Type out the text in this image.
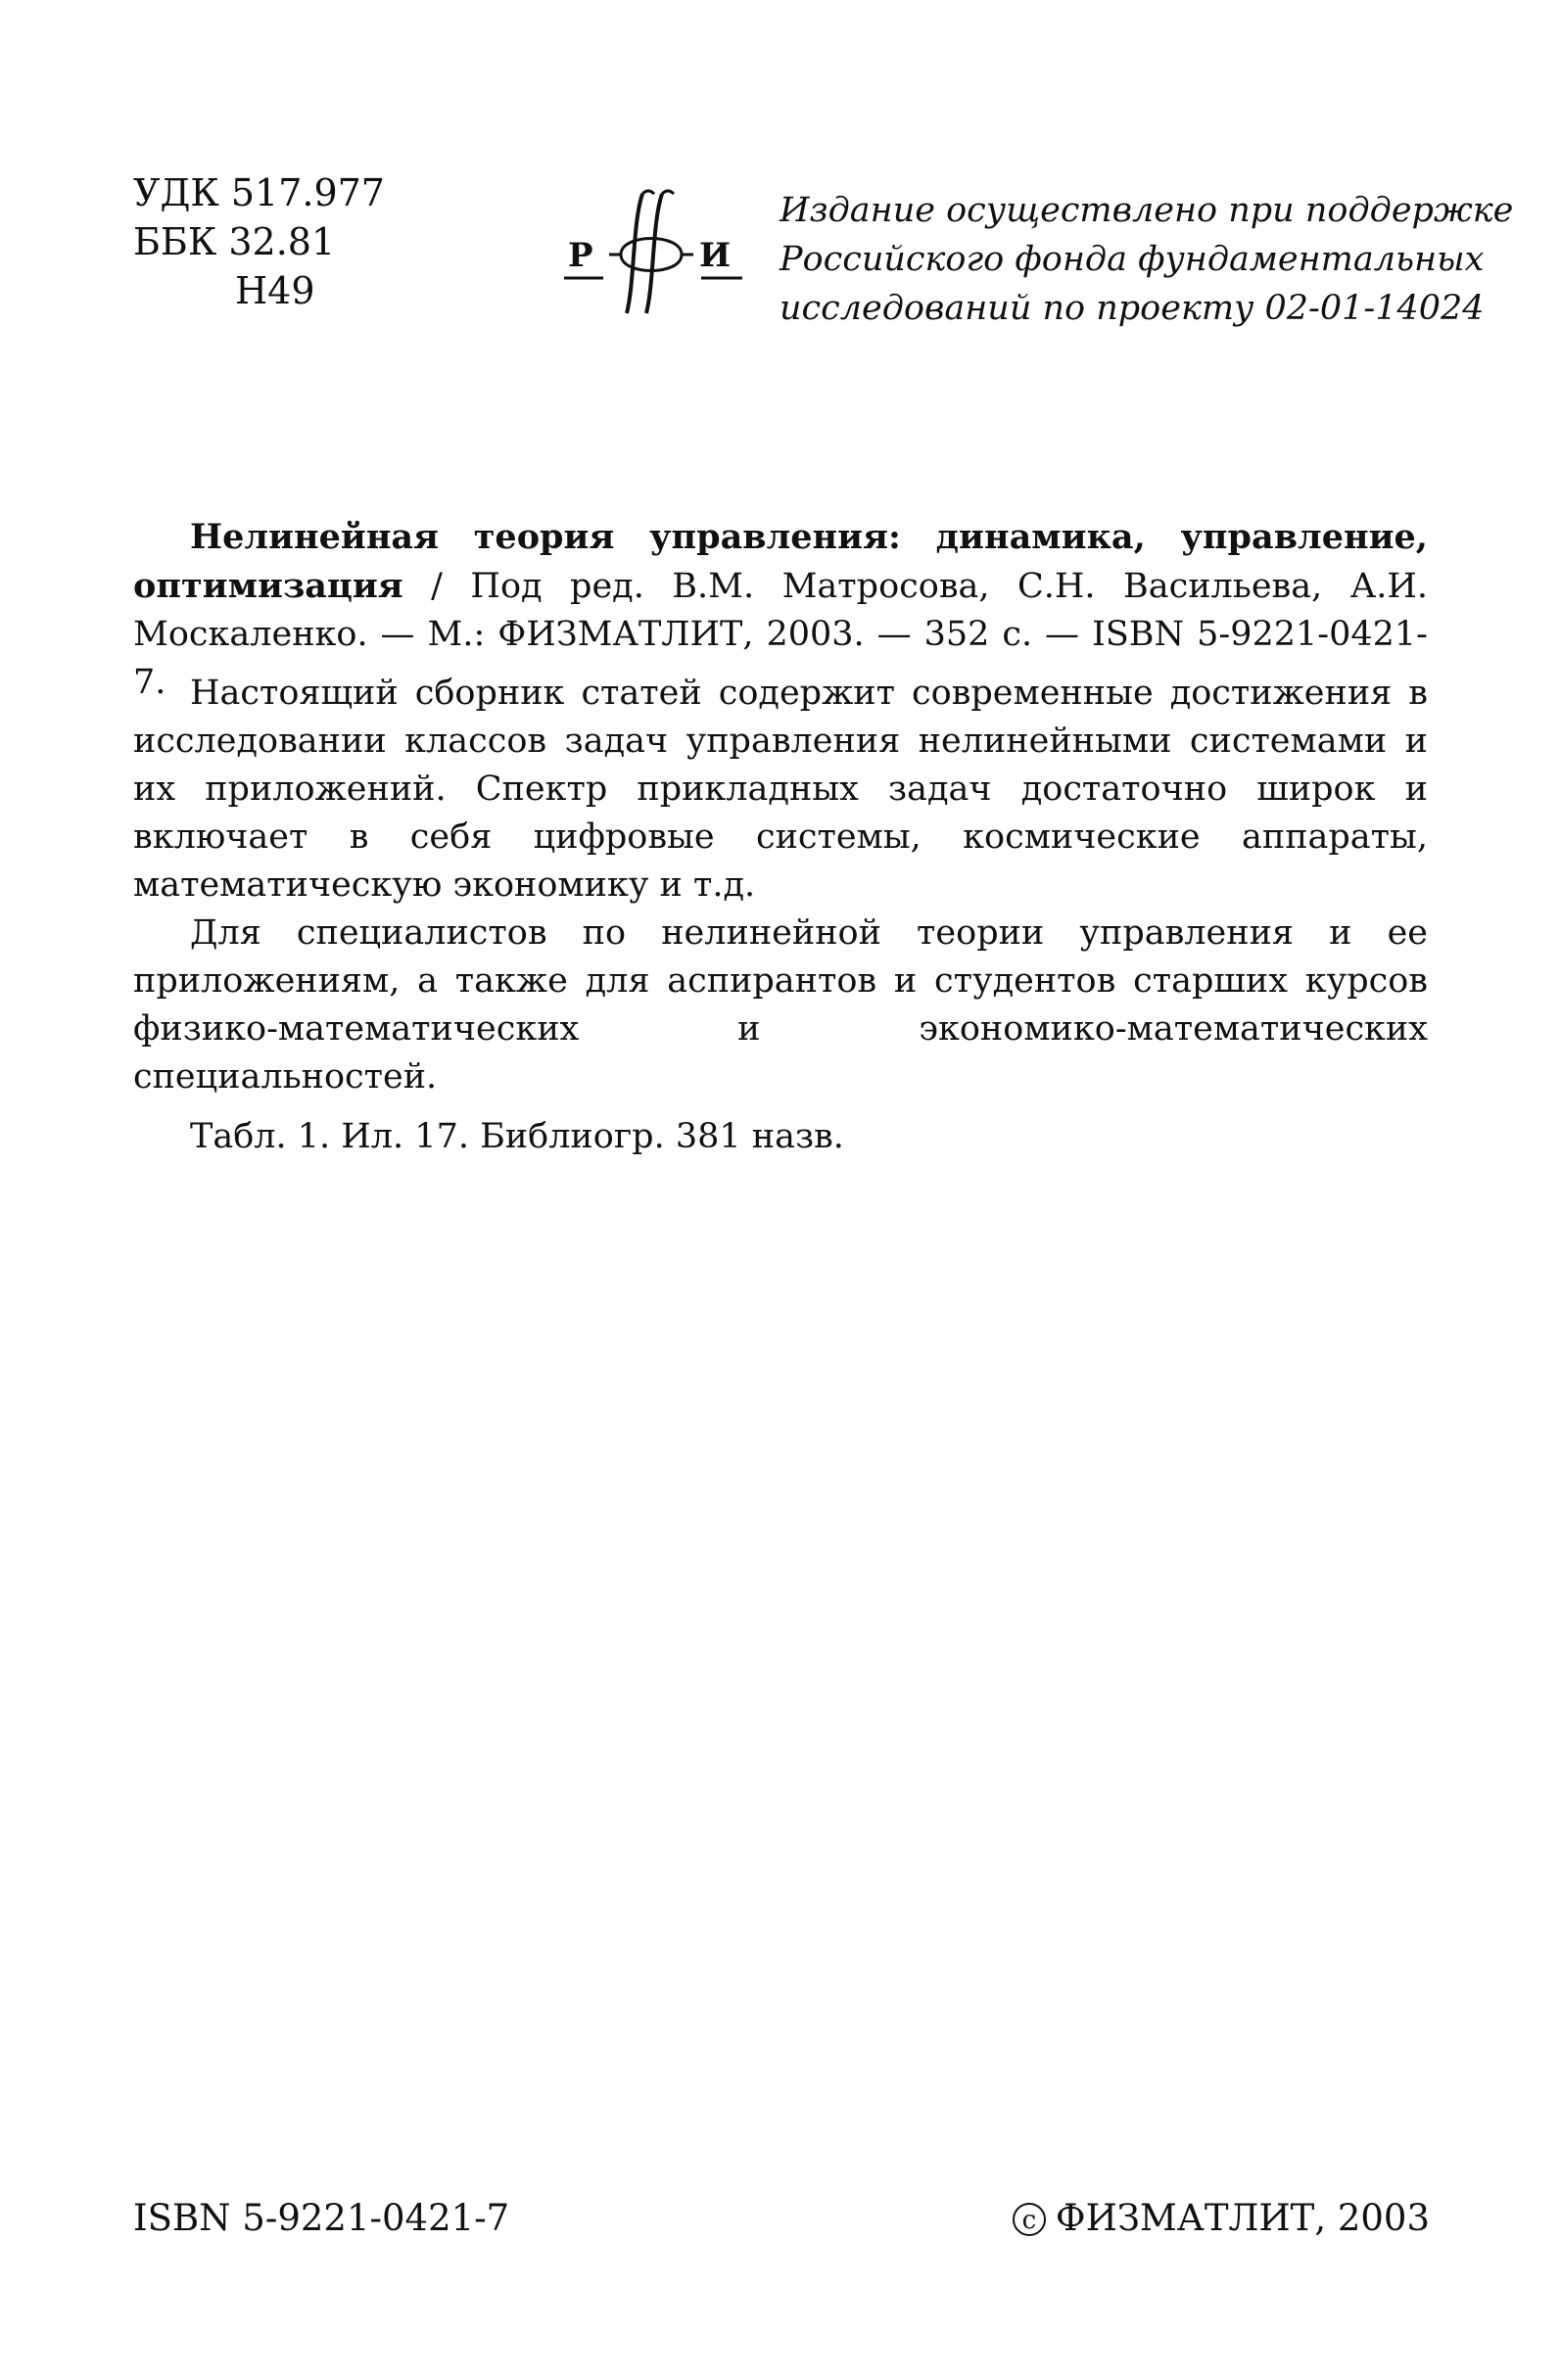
УДК 517.977
ББК 32.81
Н49
Р	И
Издание осуществлено при поддержке
Российского фонда фундаментальных
исследований по проекту 02-01-14024
Нелинейная теория управления: динамика, управление, оптимизация / Под ред. В.М. Матросова, С.Н. Васильева, А.И. Москаленко. — М.: ФИЗМАТЛИТ, 2003. — 352 с. — ISBN 5-9221-0421-7. Настоящий сборник статей содержит современные достижения в исследовании классов задач управления нелинейными системами и их приложений. Спектр прикладных задач достаточно широк и включает в себя цифровые системы, космические аппараты, математическую экономику и т.д.

Для специалистов по нелинейной теории управления и ее приложениям, а также для аспирантов и студентов старших курсов физико-математических и экономико-математических специальностей.

Табл. 1. Ил. 17. Библиогр. 381 назв.

ISBN 5-9221-0421-7	c ФИЗМАТЛИТ, 2003
